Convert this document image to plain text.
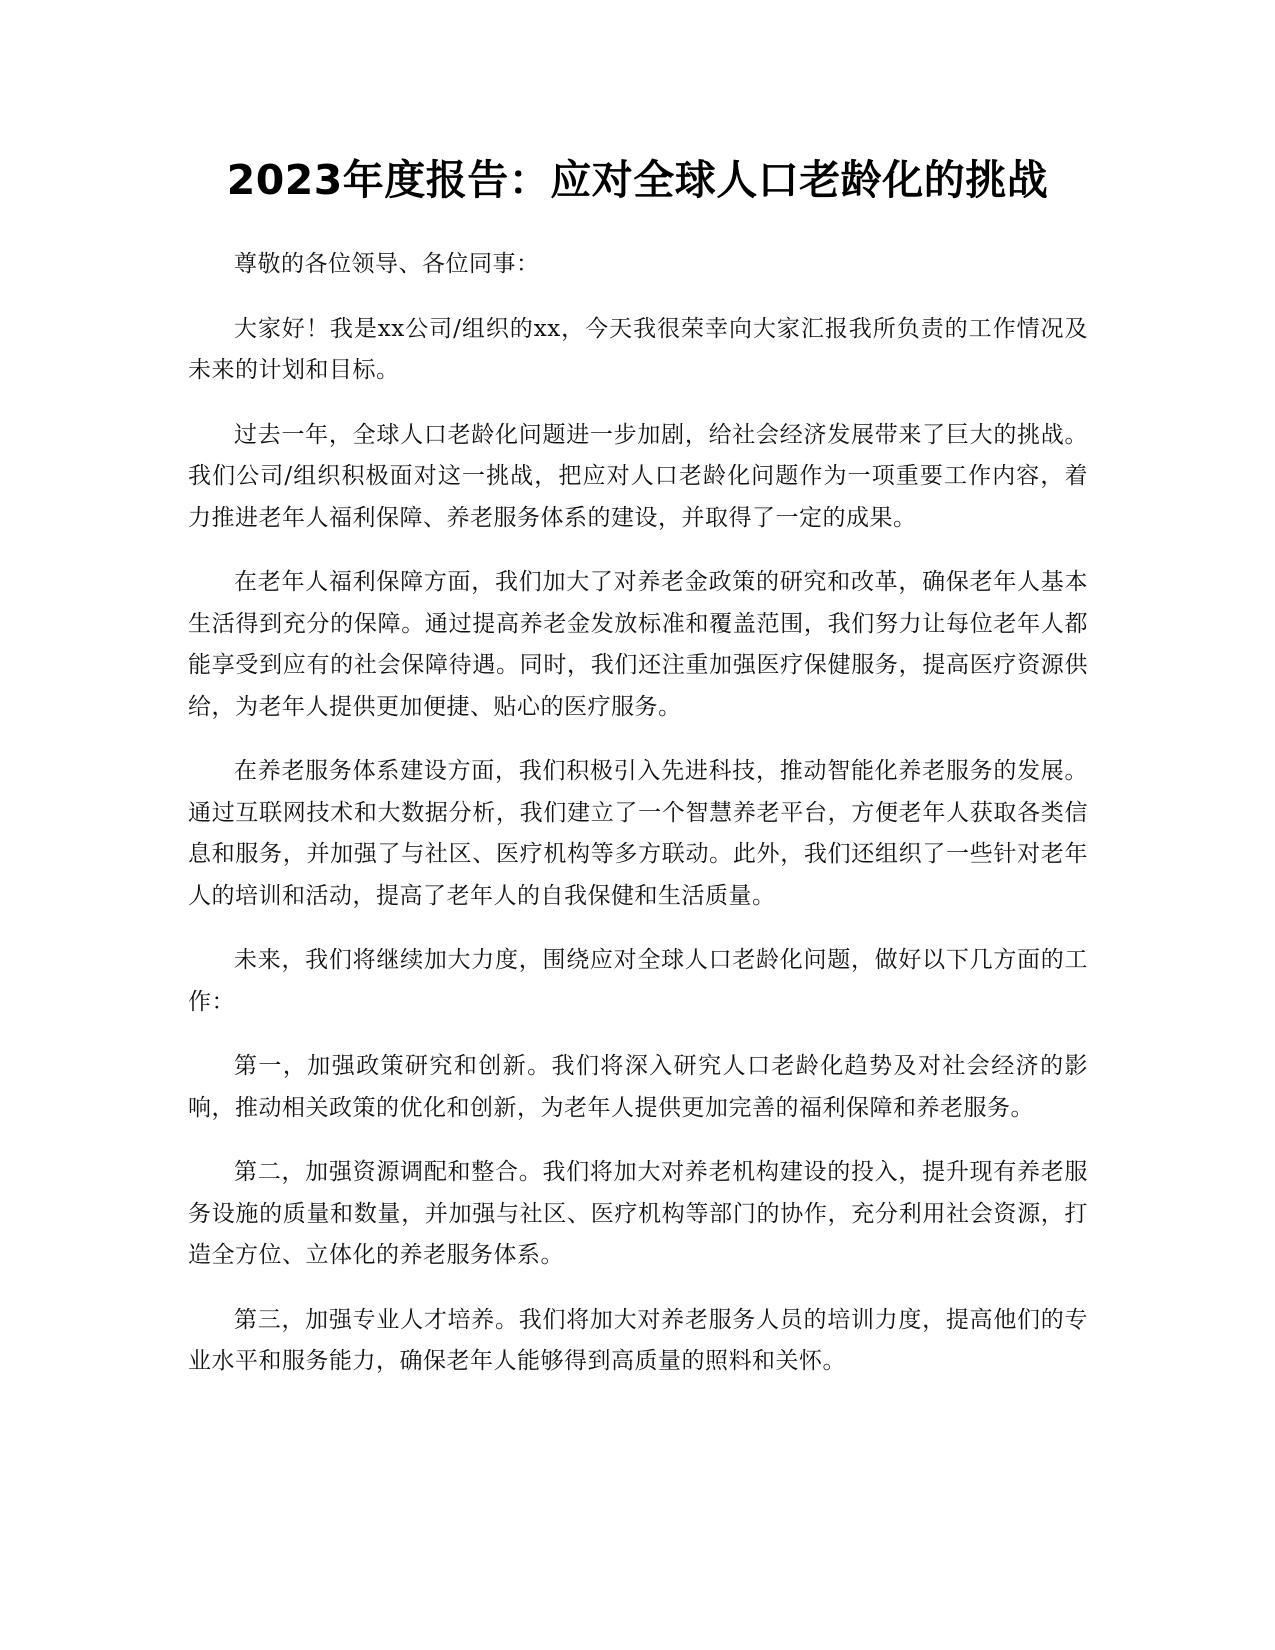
2023年度报告：应对全球人口老龄化的挑战

尊敬的各位领导、各位同事：

大家好！我是xx公司/组织的xx，今天我很荣幸向大家汇报我所负责的工作情况及未来的计划和目标。

过去一年，全球人口老龄化问题进一步加剧，给社会经济发展带来了巨大的挑战。我们公司/组织积极面对这一挑战，把应对人口老龄化问题作为一项重要工作内容，着力推进老年人福利保障、养老服务体系的建设，并取得了一定的成果。

在老年人福利保障方面，我们加大了对养老金政策的研究和改革，确保老年人基本生活得到充分的保障。通过提高养老金发放标准和覆盖范围，我们努力让每位老年人都能享受到应有的社会保障待遇。同时，我们还注重加强医疗保健服务，提高医疗资源供给，为老年人提供更加便捷、贴心的医疗服务。

在养老服务体系建设方面，我们积极引入先进科技，推动智能化养老服务的发展。通过互联网技术和大数据分析，我们建立了一个智慧养老平台，方便老年人获取各类信息和服务，并加强了与社区、医疗机构等多方联动。此外，我们还组织了一些针对老年人的培训和活动，提高了老年人的自我保健和生活质量。

未来，我们将继续加大力度，围绕应对全球人口老龄化问题，做好以下几方面的工作：

第一，加强政策研究和创新。我们将深入研究人口老龄化趋势及对社会经济的影响，推动相关政策的优化和创新，为老年人提供更加完善的福利保障和养老服务。

第二，加强资源调配和整合。我们将加大对养老机构建设的投入，提升现有养老服务设施的质量和数量，并加强与社区、医疗机构等部门的协作，充分利用社会资源，打造全方位、立体化的养老服务体系。

第三，加强专业人才培养。我们将加大对养老服务人员的培训力度，提高他们的专业水平和服务能力，确保老年人能够得到高质量的照料和关怀。
